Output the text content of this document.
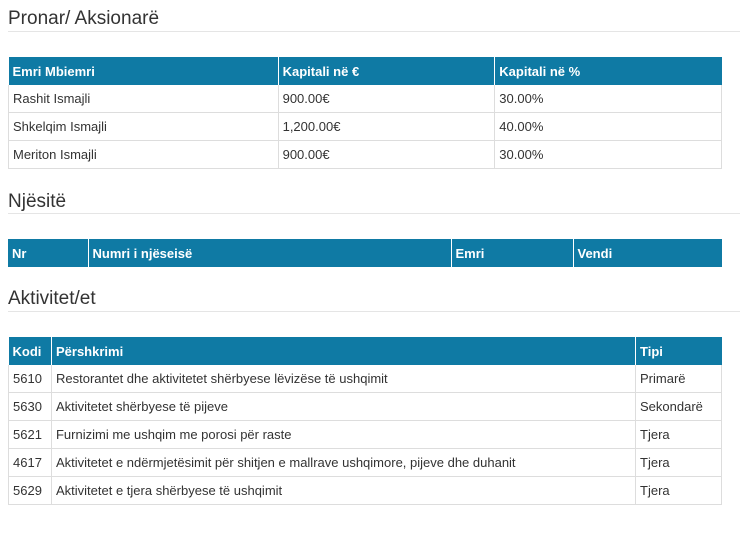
Pronar/ Aksionarë
Emri Mbiemri	Kapitali në €	Kapitali në %
Rashit Ismajli	900.00€	30.00%
Shkelqim Ismajli	1,200.00€	40.00%
Meriton Ismajli	900.00€	30.00%
Njësitë
Nr	Numri i njëseisë	Emri	Vendi
Aktivitet/et
Kodi	Përshkrimi	Tipi
5610	Restorantet dhe aktivitetet shërbyese lëvizëse të ushqimit	Primarë
5630	Aktivitetet shërbyese të pijeve	Sekondarë
5621	Furnizimi me ushqim me porosi për raste	Tjera
4617	Aktivitetet e ndërmjetësimit për shitjen e mallrave ushqimore, pijeve dhe duhanit	Tjera
5629	Aktivitetet e tjera shërbyese të ushqimit	Tjera
